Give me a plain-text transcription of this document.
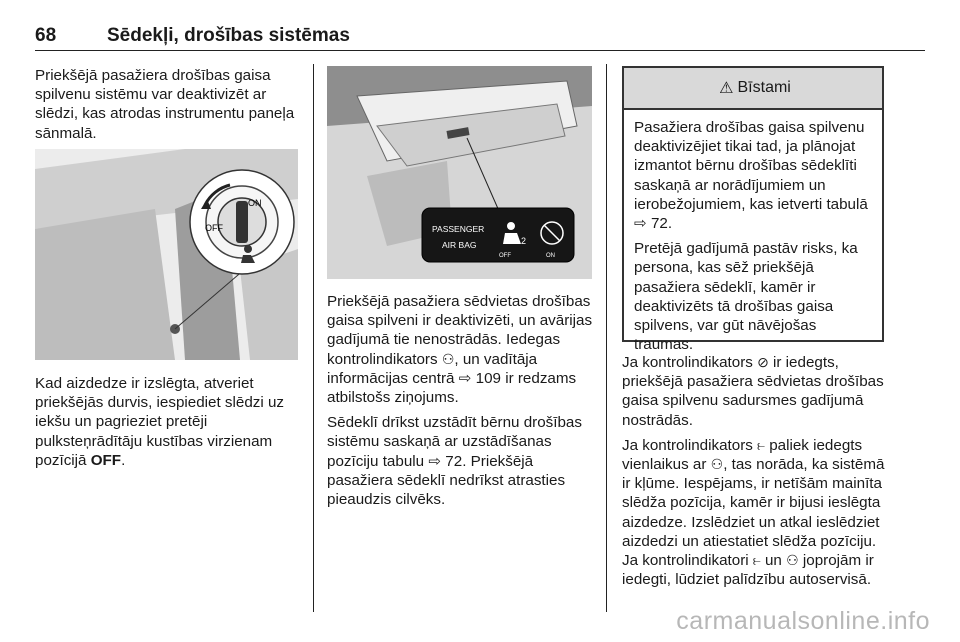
68	Sēdekļi, drošības sistēmas

Priekšējā pasažiera drošības gaisa spilvenu sistēmu var deaktivizēt ar slēdzi, kas atrodas instrumentu paneļa sānmalā.

ON
OFF

Kad aizdedze ir izslēgta, atveriet priekšējās durvis, iespiediet slēdzi uz iekšu un pagrieziet pretēji pulksteņrādītāju kustības virzienam pozīcijā OFF.

PASSENGER
AIR BAG	2
OFF	ON

Priekšējā pasažiera sēdvietas drošības gaisa spilveni ir deaktivizēti, un avārijas gadījumā tie nenostrādās. Iedegas kontrolindikators ⚇, un vadītāja informācijas centrā ⇨ 109 ir redzams atbilstošs ziņojums.

Sēdeklī drīkst uzstādīt bērnu drošības sistēmu saskaņā ar uzstādīšanas pozīciju tabulu ⇨ 72. Priekšējā pasažiera sēdeklī nedrīkst atrasties pieaudzis cilvēks.

⚠ Bīstami

Pasažiera drošības gaisa spilvenu deaktivizējiet tikai tad, ja plānojat izmantot bērnu drošības sēdeklīti saskaņā ar norādījumiem un ierobežojumiem, kas ietverti tabulā ⇨ 72.

Pretējā gadījumā pastāv risks, ka persona, kas sēž priekšējā pasažiera sēdeklī, kamēr ir deaktivizēts tā drošības gaisa spilvens, var gūt nāvējošas traumas.

Ja kontrolindikators ⊘ ir iedegts, priekšējā pasažiera sēdvietas drošības gaisa spilvenu sadursmes gadījumā nostrādās.

Ja kontrolindikators ⥼ paliek iedegts vienlaikus ar ⚇, tas norāda, ka sistēmā ir kļūme. Iespējams, ir netīšām mainīta slēdža pozīcija, kamēr ir bijusi ieslēgta aizdedze. Izslēdziet un atkal ieslēdziet aizdedzi un atiestatiet slēdža pozīciju. Ja kontrolindikatori ⥼ un ⚇ joprojām ir iedegti, lūdziet palīdzību autoservisā.

carmanualsonline.info
